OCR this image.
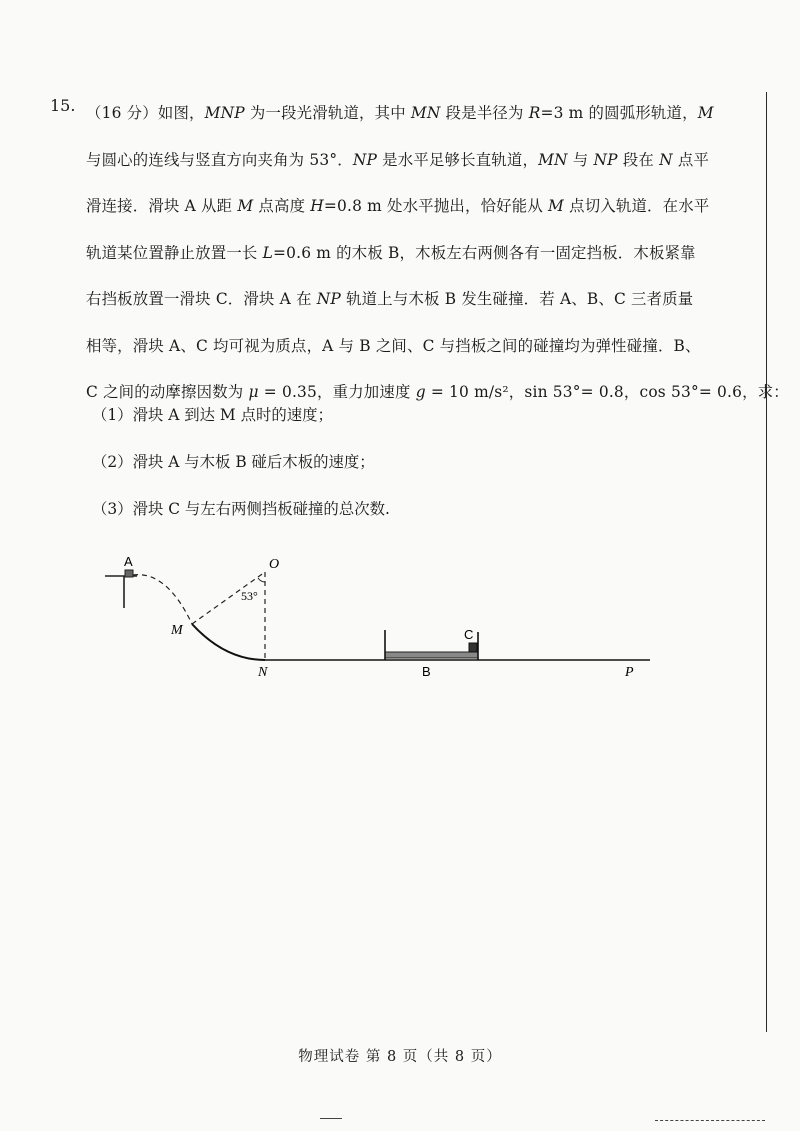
15. （16 分）如图，MNP 为一段光滑轨道，其中 MN 段是半径为 R=3 m 的圆弧形轨道，M
与圆心的连线与竖直方向夹角为 53°．NP 是水平足够长直轨道，MN 与 NP 段在 N 点平
滑连接．滑块 A 从距 M 点高度 H=0.8 m 处水平抛出，恰好能从 M 点切入轨道．在水平
轨道某位置静止放置一长 L=0.6 m 的木板 B，木板左右两侧各有一固定挡板．木板紧靠
右挡板放置一滑块 C．滑块 A 在 NP 轨道上与木板 B 发生碰撞．若 A、B、C 三者质量
相等，滑块 A、C 均可视为质点，A 与 B 之间、C 与挡板之间的碰撞均为弹性碰撞．B、
C 之间的动摩擦因数为 μ = 0.35，重力加速度 g = 10 m/s²，sin 53°= 0.8，cos 53°= 0.6，求：
（1）滑块 A 到达 M 点时的速度；
（2）滑块 A 与木板 B 碰后木板的速度；
（3）滑块 C 与左右两侧挡板碰撞的总次数.
A
53°
O
M
N	P
B
C
物理试卷 第 8 页（共 8 页）
